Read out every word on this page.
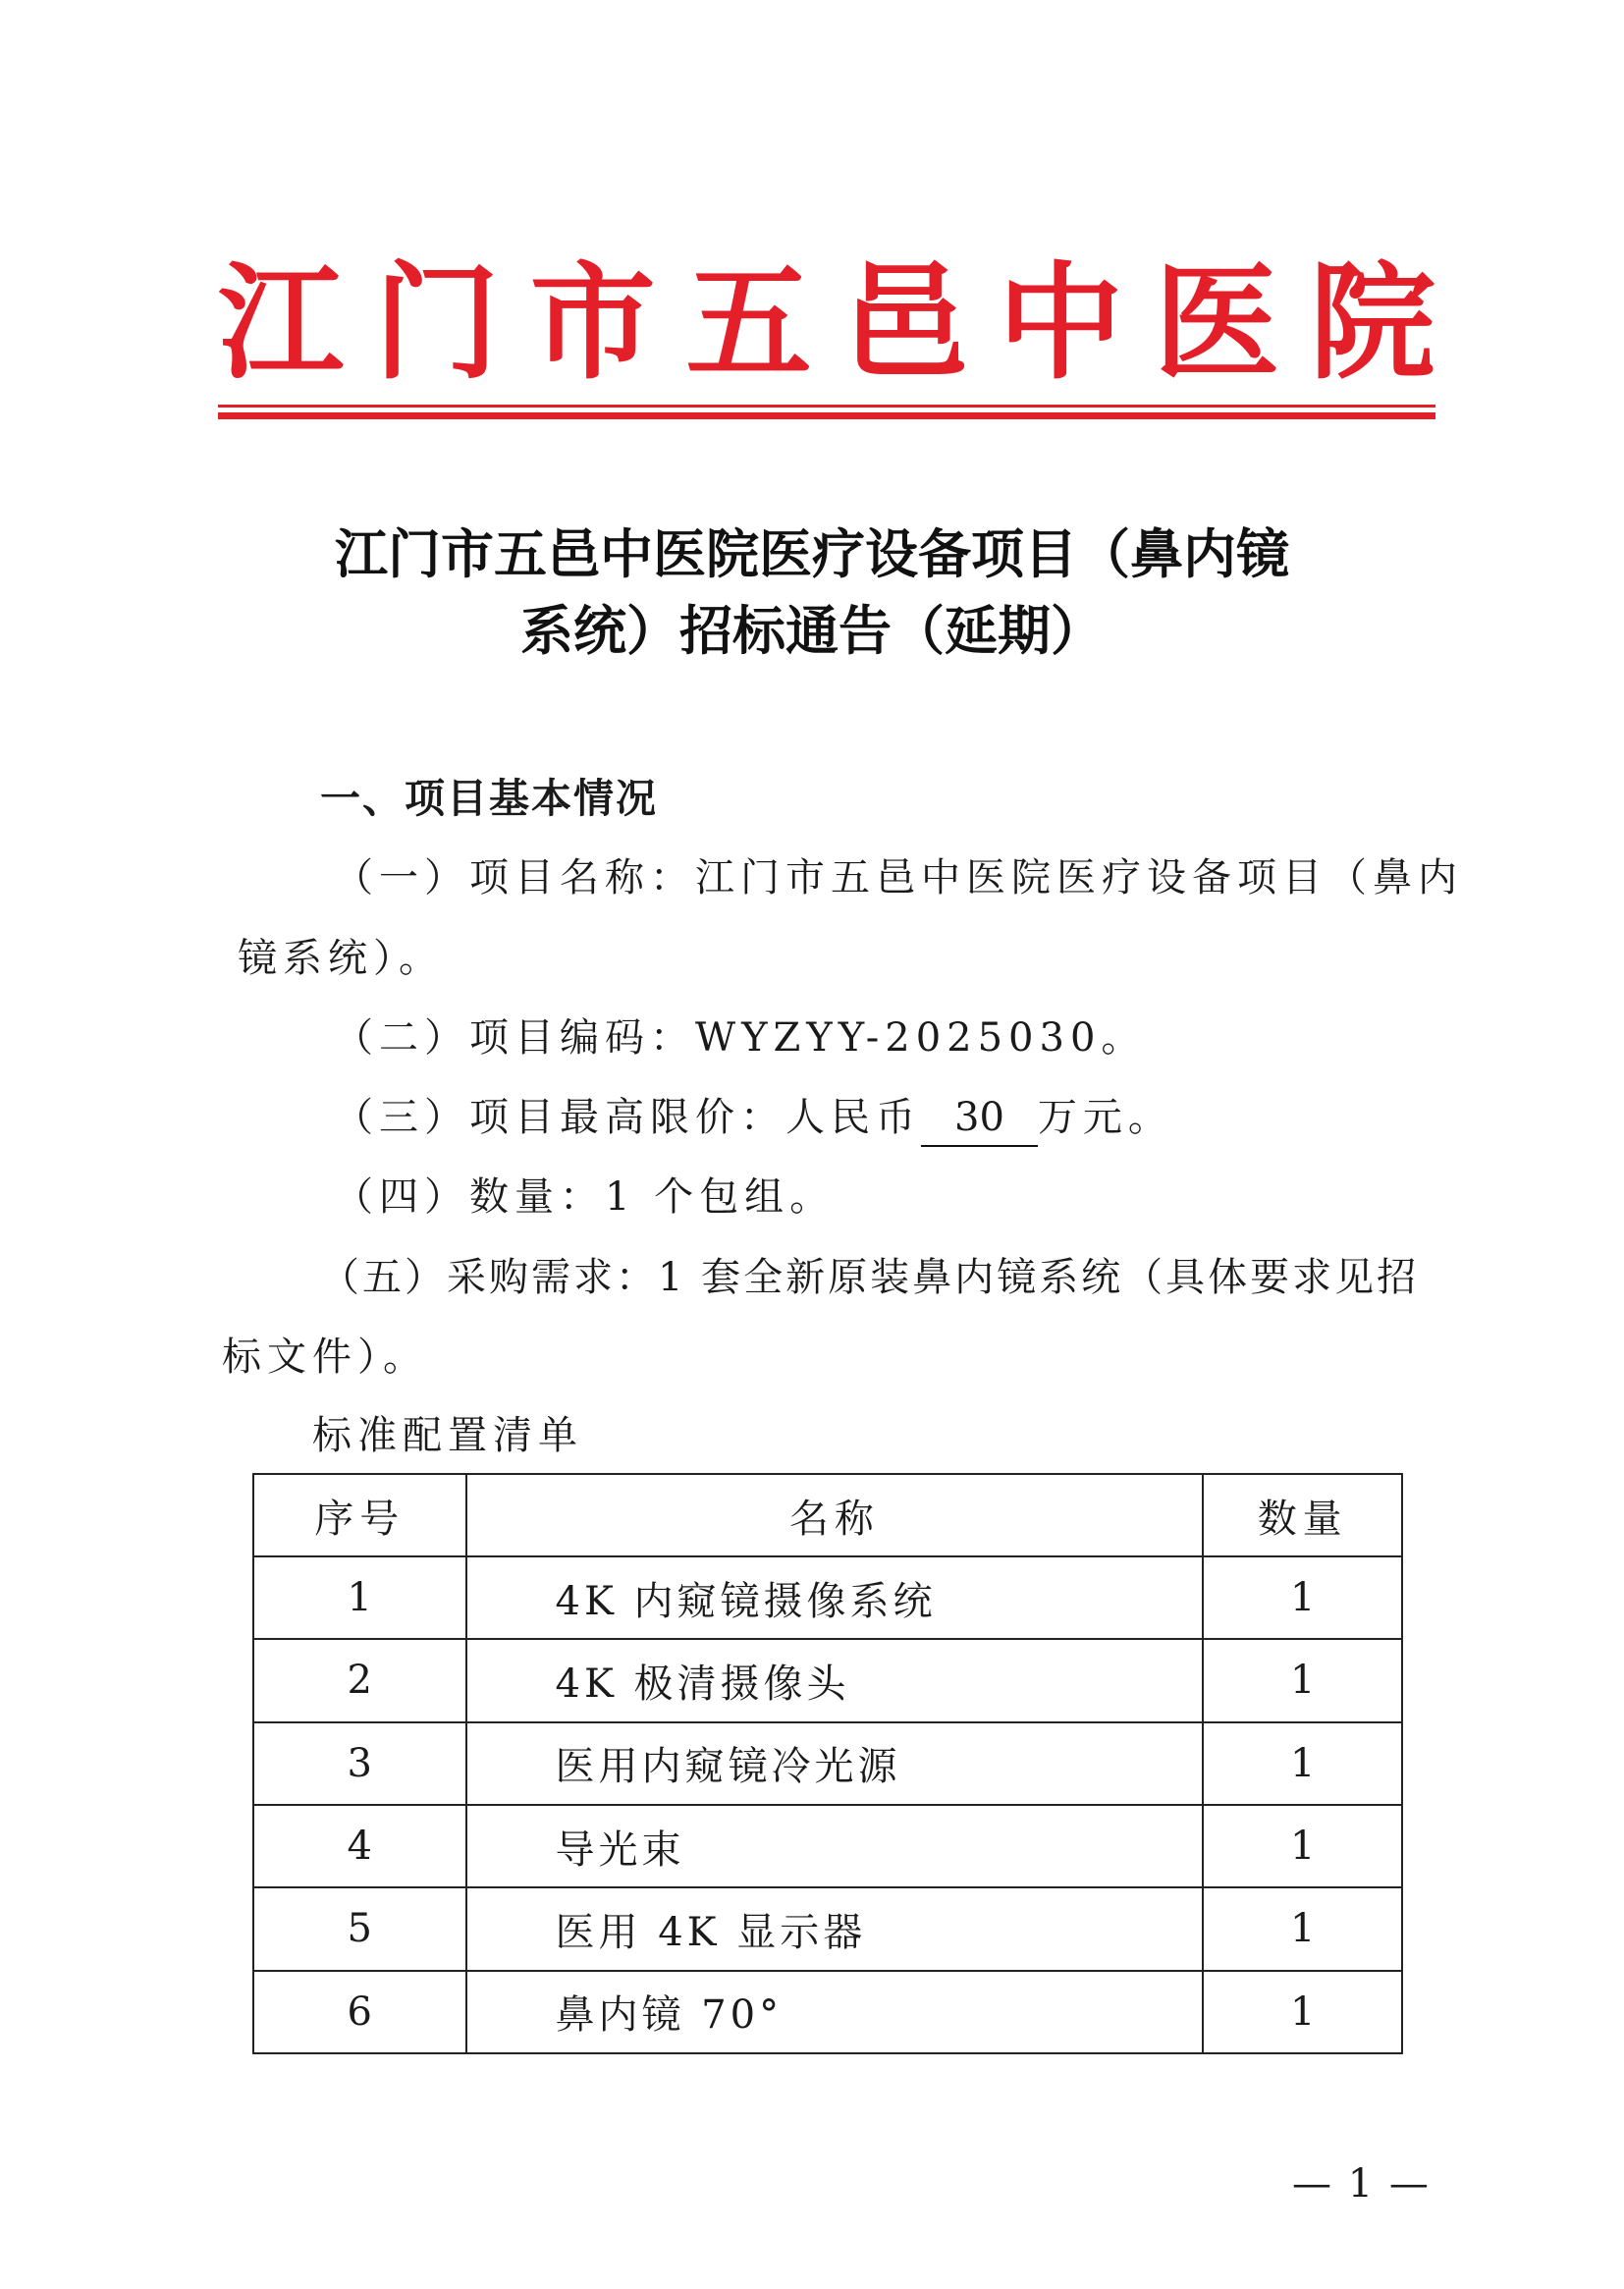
江 门 市 五 邑 中 医 院
江门市五邑中医院医疗设备项目（鼻内镜
系统）招标通告（延期）
一、项目基本情况
（一）项目名称：江门市五邑中医院医疗设备项目（鼻内
镜系统）。
（二）项目编码：WYZYY-2025030。
（三）项目最高限价：人民币 30 万元。
（四）数量：1 个包组。
（五）采购需求：1 套全新原装鼻内镜系统（具体要求见招
标文件）。
标准配置清单
序号	名称	数量
1	4K 内窥镜摄像系统	1
2	4K 极清摄像头	1
3	医用内窥镜冷光源	1
4	导光束	1
5	医用 4K 显示器	1
6	鼻内镜 70°	1
— 1 —
